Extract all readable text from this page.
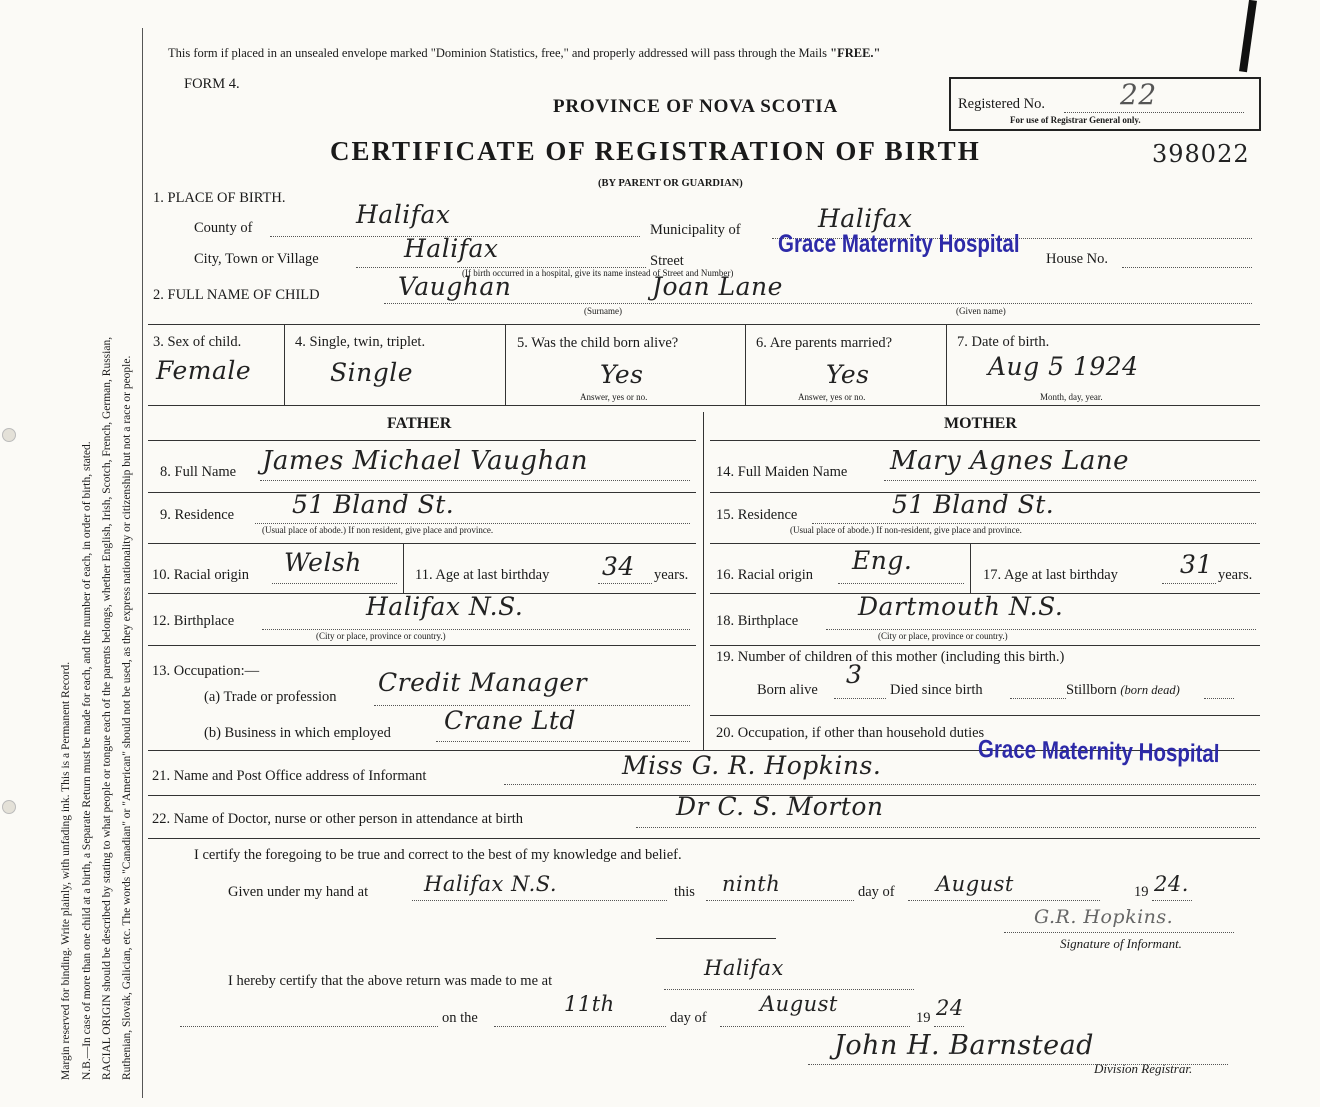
Margin reserved for binding. Write plainly, with unfading ink. This is a Permanent Record. N.B.—In case of more than one child at a birth, a Separate Return must be made for each, and the number of each, in order of birth, stated. RACIAL ORIGIN should be described by stating to what people or tongue each of the parents belongs, whether English, Irish, Scotch, French, German, Russian, Ruthenian, Slovak, Galician, etc. The words "Canadian" or "American" should not be used, as they express nationality or citizenship but not a race or people.
This form if placed in an unsealed envelope marked "Dominion Statistics, free," and properly addressed will pass through the Mails "FREE."
FORM 4.
PROVINCE OF NOVA SCOTIA
CERTIFICATE OF REGISTRATION OF BIRTH
(BY PARENT OR GUARDIAN)
Registered No.	22
For use of Registrar General only.
398022
1. PLACE OF BIRTH.
County of	Halifax
Municipality of	Halifax
City, Town or Village	Halifax	Street
Grace Maternity Hospital
(If birth occurred in a hospital, give its name instead of Street and Number)
House No.
2. FULL NAME OF CHILD	Vaughan	Joan Lane
(Surname)	(Given name)
3. Sex of child.
Female
4. Single, twin, triplet.
Single
5. Was the child born alive?
Yes
Answer, yes or no.
6. Are parents married?
Yes
Answer, yes or no.
7. Date of birth.
Aug 5 1924
Month, day, year.
FATHER	MOTHER
8. Full Name James Michael Vaughan
9. Residence 51 Bland St.
(Usual place of abode.) If non resident, give place and province.
10. Racial origin Welsh	11. Age at last birthday 34 years.
12. Birthplace	Halifax N.S.
(City or place, province or country.)
13. Occupation:—
(a) Trade or profession Credit Manager
(b) Business in which employed Crane Ltd
14. Full Maiden Name Mary Agnes Lane
15. Residence	51 Bland St.
(Usual place of abode.) If non-resident, give place and province.
16. Racial origin Eng.	17. Age at last birthday 31 years.
18. Birthplace Dartmouth N.S.
(City or place, province or country.)
19. Number of children of this mother (including this birth.)
Born alive
3
Died since birth	Stillborn (born dead)
20. Occupation, if other than household duties
Grace Maternity Hospital
21. Name and Post Office address of Informant	Miss G. R. Hopkins.
22. Name of Doctor, nurse or other person in attendance at birth	Dr C. S. Morton
I certify the foregoing to be true and correct to the best of my knowledge and belief.
Given under my hand at	Halifax N.S.	this ninth	day of August	19 24.
G.R. Hopkins.
Signature of Informant.
I hereby certify that the above return was made to me at
Halifax
on the
11th
day of
August
19 24
John H. Barnstead
Division Registrar.
